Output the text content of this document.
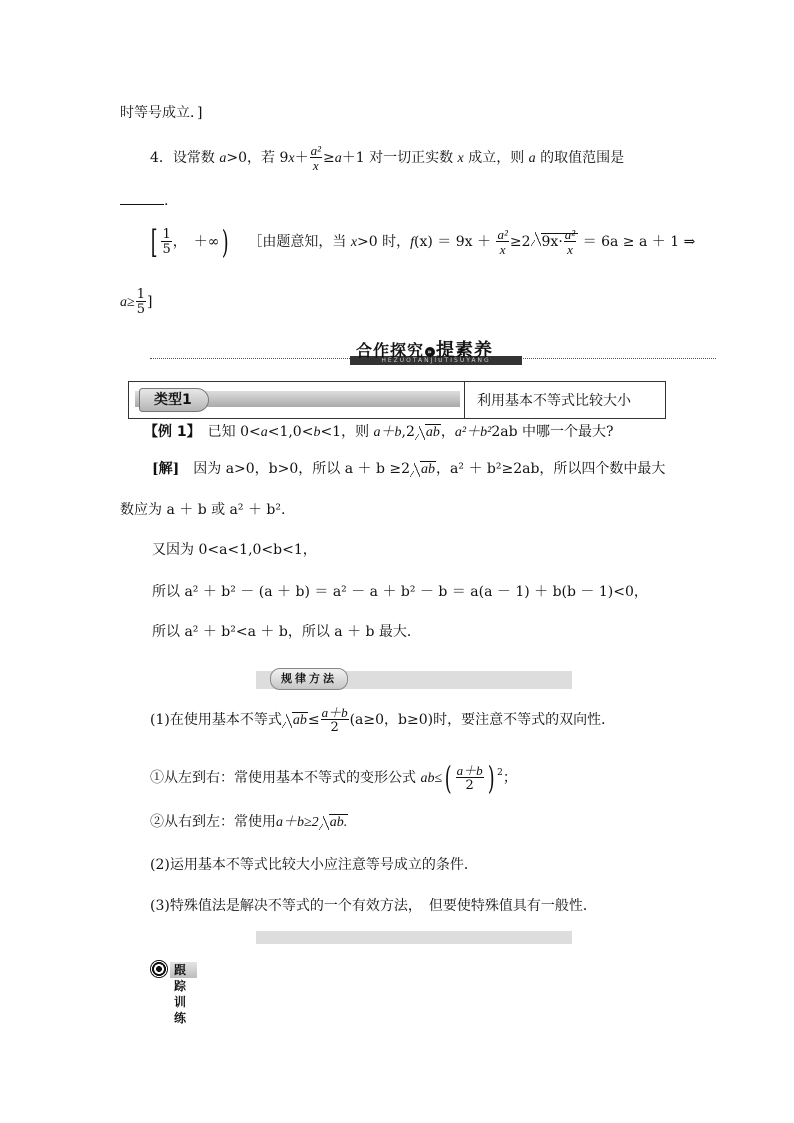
时等号成立．]
4．设常数 a>0，若 $9x+ \frac{\text{a²}}{x} \ge a+1$ 对一切正实数 x 成立，则 a 的取值范围是
.
[ $\frac{1}{5}$ ，　＋∞) ［由题意知，当 x>0 时，$f(x) = 9x + \frac{\text{a²}}{x} \ge 2$ $9x\cdot \frac{\text{a²}}{x} = 6a \ge a + 1$ ⇒
$a\ge \frac{1}{5}$ ]
HEZUOTANJIUTISUYANG
合作探究 » 提素养
类型1	利用基本不等式比较大小
【例 1】　已知 0<a<1,0<b<1，则 a＋b,2 ab，a²＋b²2ab 中哪一个最大?
[解]　因为 a>0，b>0，所以 a ＋ b ≥2 ab，a² ＋ b²≥2ab，所以四个数中最大
数应为 a ＋ b 或 a² ＋ b².
又因为 0<a<1,0<b<1，
所以 a² ＋ b² － (a ＋ b) ＝ a² － a ＋ b² － b ＝ a(a － 1) ＋ b(b － 1)<0，
所以 a² ＋ b²<a ＋ b，所以 a ＋ b 最大．
规律方法
(1)在使用基本不等式 $ab\le \frac{a+b}{2} (a\ge 0$，b≥0)时，要注意不等式的双向性．
①从左到右：常使用基本不等式的变形公式 $ab\le( \frac{a+b}{2}$ ) $^2$；
②从右到左：常使用a＋b≥2 ab.
(2)运用基本不等式比较大小应注意等号成立的条件．
(3)特殊值法是解决不等式的一个有效方法，　但要使特殊值具有一般性．
跟踪训练
